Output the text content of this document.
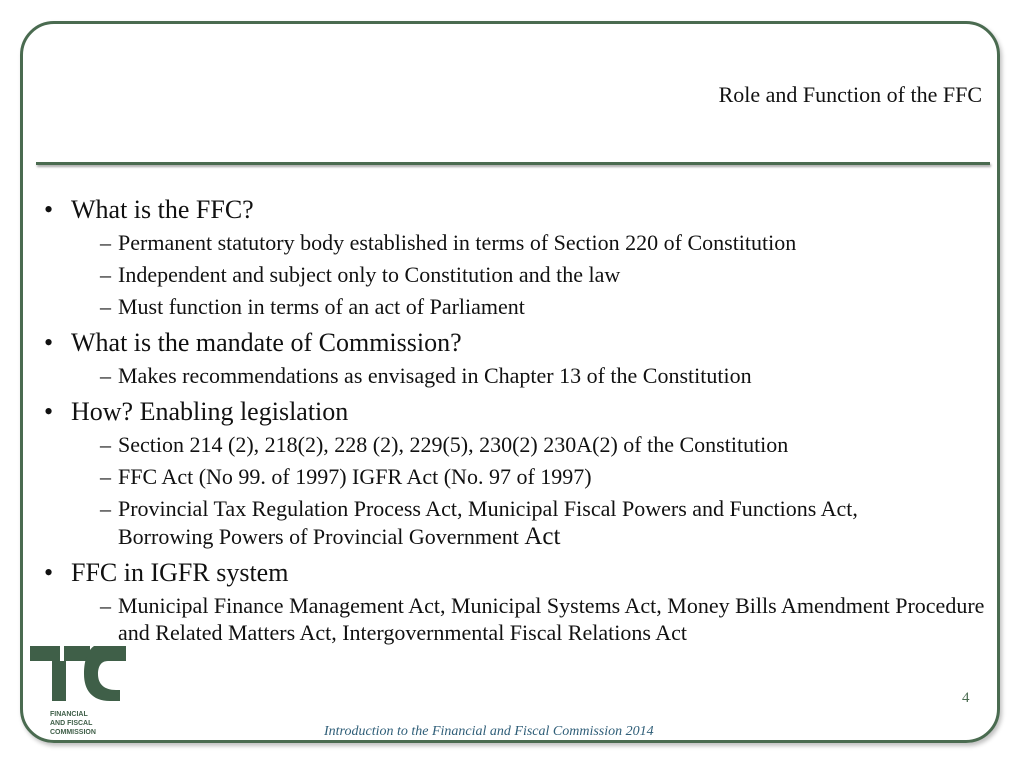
Role and Function of the FFC
• What is the FFC?
– Permanent statutory body established in terms of Section 220 of Constitution
– Independent and subject only to Constitution and the law
– Must function in terms of an act of Parliament
• What is the mandate of Commission?
– Makes recommendations as envisaged in Chapter 13 of the Constitution
• How? Enabling legislation
– Section 214 (2), 218(2), 228 (2), 229(5), 230(2) 230A(2) of the Constitution
– FFC Act (No 99. of 1997) IGFR Act (No. 97 of 1997)
– Provincial Tax Regulation Process Act, Municipal Fiscal Powers and Functions Act, Borrowing Powers of Provincial Government Act
• FFC in IGFR system
– Municipal Finance Management Act, Municipal Systems Act, Money Bills Amendment Procedure and Related Matters Act, Intergovernmental Fiscal Relations Act
FINANCIAL
AND FISCAL
COMMISSION
4
Introduction to the Financial and Fiscal Commission 2014
